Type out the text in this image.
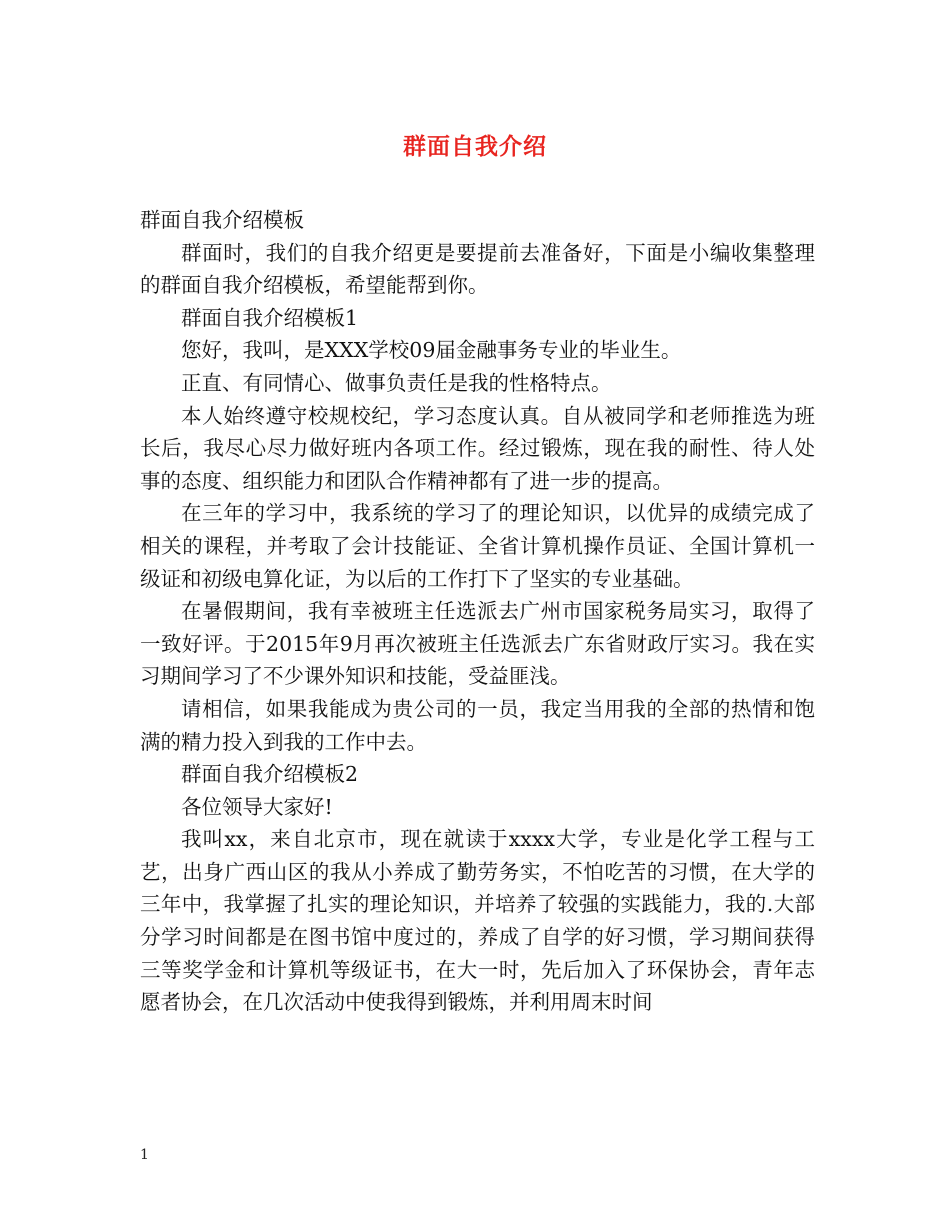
群面自我介绍

群面自我介绍模板

群面时，我们的自我介绍更是要提前去准备好，下面是小编收集整理的群面自我介绍模板，希望能帮到你。

群面自我介绍模板1

您好，我叫，是XXX学校09届金融事务专业的毕业生。

正直、有同情心、做事负责任是我的性格特点。

本人始终遵守校规校纪，学习态度认真。自从被同学和老师推选为班长后，我尽心尽力做好班内各项工作。经过锻炼，现在我的耐性、待人处事的态度、组织能力和团队合作精神都有了进一步的提高。

在三年的学习中，我系统的学习了的理论知识，以优异的成绩完成了相关的课程，并考取了会计技能证、全省计算机操作员证、全国计算机一级证和初级电算化证，为以后的工作打下了坚实的专业基础。

在暑假期间，我有幸被班主任选派去广州市国家税务局实习，取得了一致好评。于2015年9月再次被班主任选派去广东省财政厅实习。我在实习期间学习了不少课外知识和技能，受益匪浅。

请相信，如果我能成为贵公司的一员，我定当用我的全部的热情和饱满的精力投入到我的工作中去。

群面自我介绍模板2

各位领导大家好!

我叫xx，来自北京市，现在就读于xxxx大学，专业是化学工程与工艺，出身广西山区的我从小养成了勤劳务实，不怕吃苦的习惯，在大学的三年中，我掌握了扎实的理论知识，并培养了较强的实践能力，我的.大部分学习时间都是在图书馆中度过的，养成了自学的好习惯，学习期间获得三等奖学金和计算机等级证书，在大一时，先后加入了环保协会，青年志愿者协会，在几次活动中使我得到锻炼，并利用周末时间

1
